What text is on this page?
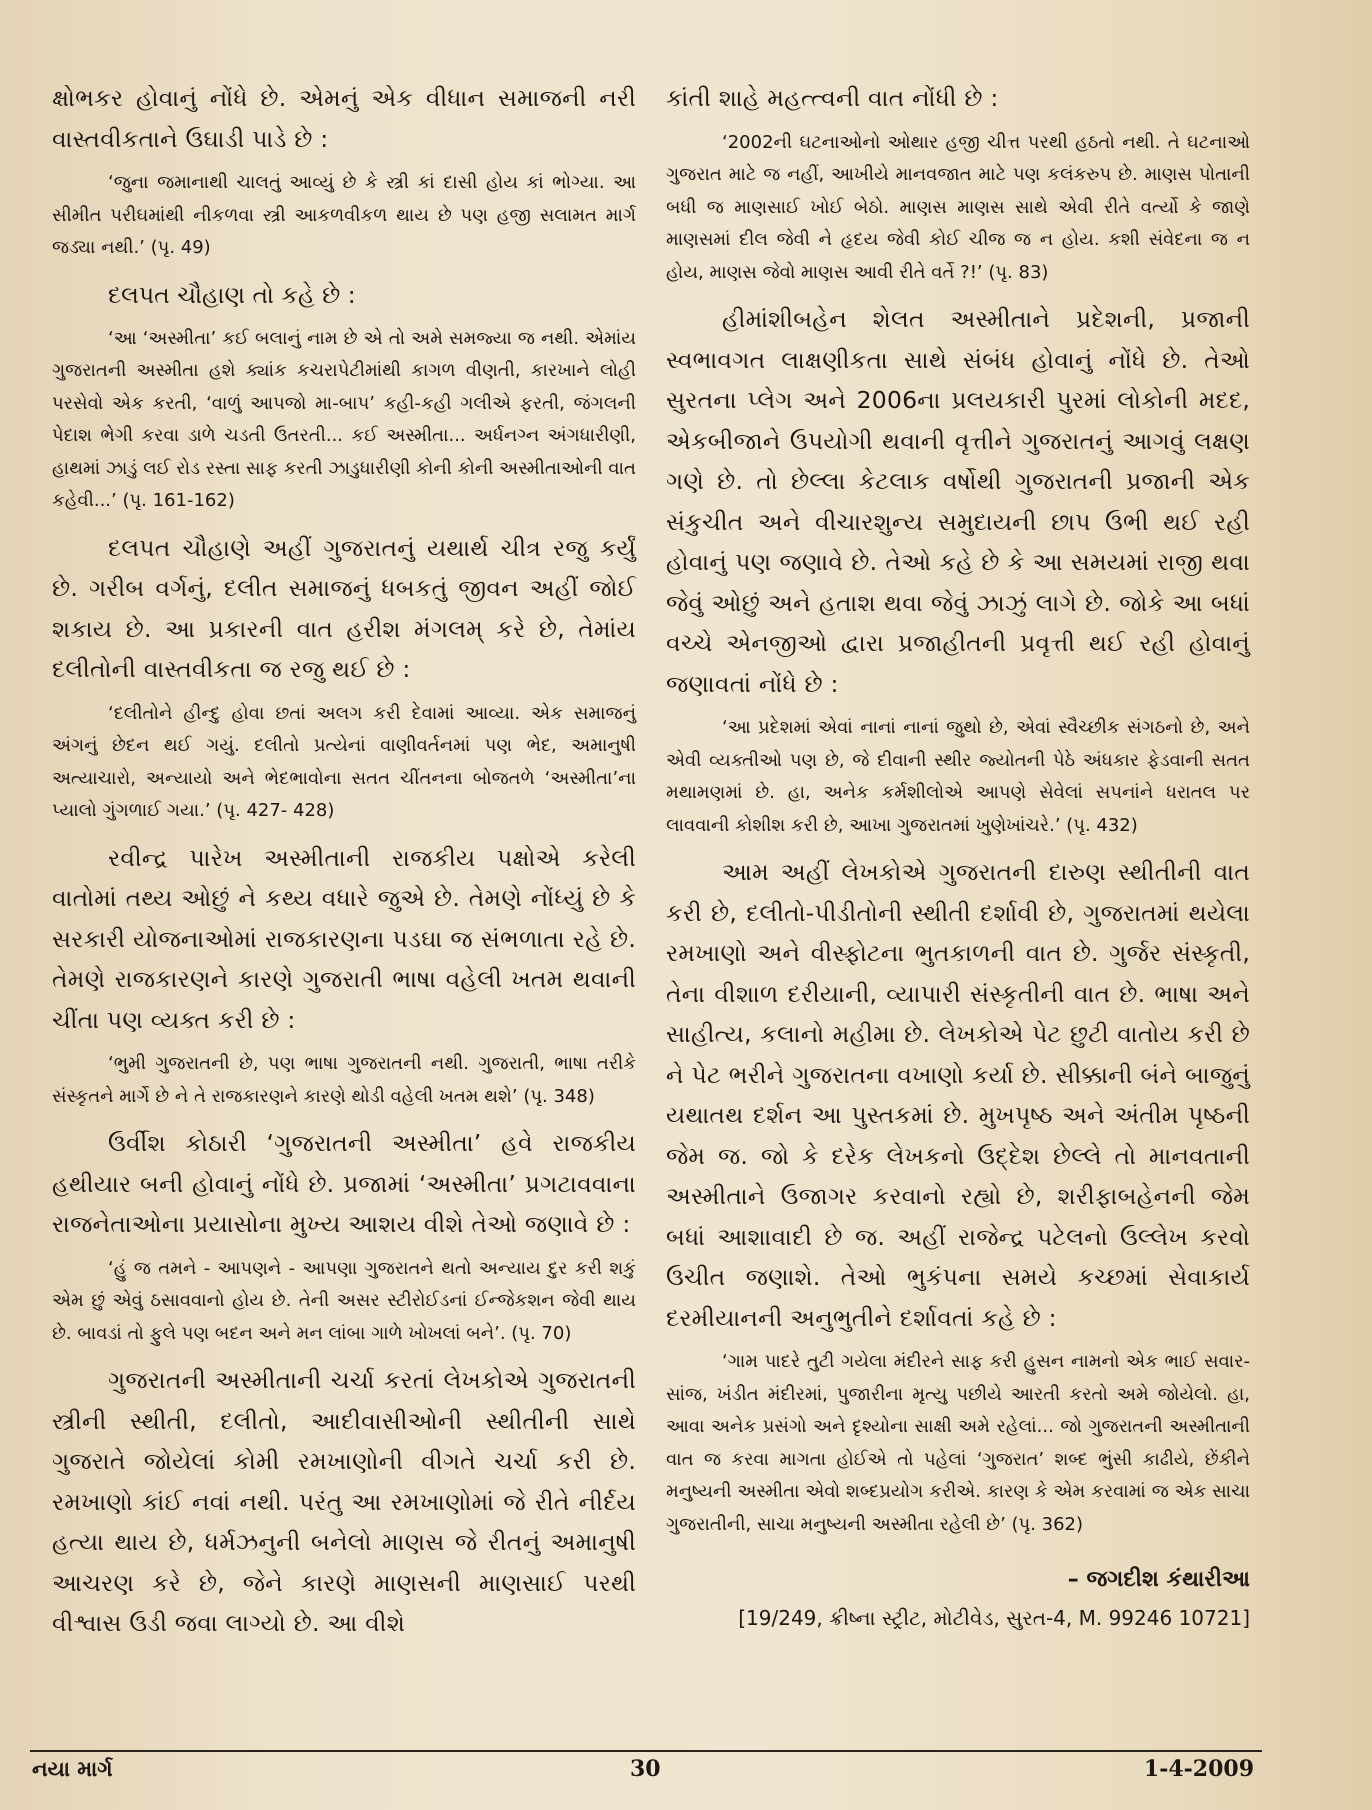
ક્ષોભકર હોવાનું નોંધે છે. એમનું એક વીધાન સમાજની નરી વાસ્તવીકતાને ઉઘાડી પાડે છે :

‘જુના જમાનાથી ચાલતું આવ્યું છે કે સ્ત્રી કાં દાસી હોય કાં ભોગ્યા. આ સીમીત પરીઘમાંથી નીકળવા સ્ત્રી આકળવીકળ થાય છે પણ હજી સલામત માર્ગ જડ્યા નથી.’ (પૃ. 49)

દલપત ચૌહાણ તો કહે છે :

‘આ ‘અસ્મીતા’ કઈ બલાનું નામ છે એ તો અમે સમજ્યા જ નથી. એમાંય ગુજરાતની અસ્મીતા હશે ક્યાંક કચરાપેટીમાંથી કાગળ વીણતી, કારખાને લોહી પરસેવો એક કરતી, ‘વાળું આપજો મા-બાપ’ કહી-કહી ગલીએ ફરતી, જંગલની પેદાશ ભેગી કરવા ડાળે ચડતી ઉતરતી... કઈ અસ્મીતા... અર્ધનગ્ન અંગધારીણી, હાથમાં ઝાડું લઈ રોડ રસ્તા સાફ કરતી ઝાડુધારીણી કોની કોની અસ્મીતાઓની વાત કહેવી...’ (પૃ. 161-162)

દલપત ચૌહાણે અહીં ગુજરાતનું યથાર્થ ચીત્ર રજુ કર્યું છે. ગરીબ વર્ગનું, દલીત સમાજનું ધબકતું જીવન અહીં જોઈ શકાય છે. આ પ્રકારની વાત હરીશ મંગલમ્ કરે છે, તેમાંય દલીતોની વાસ્તવીકતા જ રજુ થઈ છે :

‘દલીતોને હીન્દુ હોવા છતાં અલગ કરી દેવામાં આવ્યા. એક સમાજનું અંગનું છેદન થઈ ગયું. દલીતો પ્રત્યેનાં વાણીવર્તનમાં પણ ભેદ, અમાનુષી અત્યાચારો, અન્યાયો અને ભેદભાવોના સતત ચીંતનના બોજતળે ‘અસ્મીતા’ના પ્યાલો ગુંગળાઈ ગયા.’ (પૃ. 427- 428)

રવીન્દ્ર પારેખ અસ્મીતાની રાજકીય પક્ષોએ કરેલી વાતોમાં તથ્ય ઓછું ને કથ્ય વધારે જુએ છે. તેમણે નોંધ્યું છે કે સરકારી યોજનાઓમાં રાજકારણના પડઘા જ સંભળાતા રહે છે. તેમણે રાજકારણને કારણે ગુજરાતી ભાષા વહેલી ખતમ થવાની ચીંતા પણ વ્યક્ત કરી છે :

‘ભુમી ગુજરાતની છે, પણ ભાષા ગુજરાતની નથી. ગુજરાતી, ભાષા તરીકે સંસ્કૃતને માર્ગે છે ને તે રાજકારણને કારણે થોડી વહેલી ખતમ થશે’ (પૃ. 348)

ઉર્વીશ કોઠારી ‘ગુજરાતની અસ્મીતા’ હવે રાજકીય હથીયાર બની હોવાનું નોંધે છે. પ્રજામાં ‘અસ્મીતા’ પ્રગટાવવાના રાજનેતાઓના પ્રયાસોના મુખ્ય આશય વીશે તેઓ જણાવે છે :

‘હું જ તમને - આપણને - આપણા ગુજરાતને થતો અન્યાય દુર કરી શકું એમ છું એવું ઠસાવવાનો હોય છે. તેની અસર સ્ટીરોઈડનાં ઈન્જેકશન જેવી થાય છે. બાવડાં તો ફુલે પણ બદન અને મન લાંબા ગાળે ખોખલાં બને’. (પૃ. 70)

ગુજરાતની અસ્મીતાની ચર્ચા કરતાં લેખકોએ ગુજરાતની સ્ત્રીની સ્થીતી, દલીતો, આદીવાસીઓની સ્થીતીની સાથે ગુજરાતે જોયેલાં કોમી રમખાણોની વીગતે ચર્ચા કરી છે. રમખાણો કાંઈ નવાં નથી. પરંતુ આ રમખાણોમાં જે રીતે નીર્દય હત્યા થાય છે, ધર્મઝનુની બનેલો માણસ જે રીતનું અમાનુષી આચરણ કરે છે, જેને કારણે માણસની માણસાઈ પરથી વીશ્વાસ ઉડી જવા લાગ્યો છે. આ વીશે

કાંતી શાહે મહત્ત્વની વાત નોંધી છે :

‘2002ની ઘટનાઓનો ઓથાર હજી ચીત્ત પરથી હઠતો નથી. તે ઘટનાઓ ગુજરાત માટે જ નહીં, આખીયે માનવજાત માટે પણ કલંકરુપ છે. માણસ પોતાની બધી જ માણસાઈ ખોઈ બેઠો. માણસ માણસ સાથે એવી રીતે વર્ત્યો કે જાણે માણસમાં દીલ જેવી ને હૃદય જેવી કોઈ ચીજ જ ન હોય. કશી સંવેદના જ ન હોય, માણસ જેવો માણસ આવી રીતે વર્તે ?!’ (પૃ. 83)

હીમાંશીબહેન શેલત અસ્મીતાને પ્રદેશની, પ્રજાની સ્વભાવગત લાક્ષણીકતા સાથે સંબંધ હોવાનું નોંધે છે. તેઓ સુરતના પ્લેગ અને 2006ના પ્રલયકારી પુરમાં લોકોની મદદ, એકબીજાને ઉપયોગી થવાની વૃત્તીને ગુજરાતનું આગવું લક્ષણ ગણે છે. તો છેલ્લા કેટલાક વર્ષોથી ગુજરાતની પ્રજાની એક સંકુચીત અને વીચારશુન્ય સમુદાયની છાપ ઉભી થઈ રહી હોવાનું પણ જણાવે છે. તેઓ કહે છે કે આ સમયમાં રાજી થવા જેવું ઓછું અને હતાશ થવા જેવું ઝાઝું લાગે છે. જોકે આ બધાં વચ્ચે એનજીઓ દ્વારા પ્રજાહીતની પ્રવૃત્તી થઈ રહી હોવાનું જણાવતાં નોંધે છે :

‘આ પ્રદેશમાં એવાં નાનાં નાનાં જુથો છે, એવાં સ્વૈચ્છીક સંગઠનો છે, અને એવી વ્યક્તીઓ પણ છે, જે દીવાની સ્થીર જ્યોતની પેઠે અંધકાર ફેડવાની સતત મથામણમાં છે. હા, અનેક કર્મશીલોએ આપણે સેવેલાં સપનાંને ધરાતલ પર લાવવાની કોશીશ કરી છે, આખા ગુજરાતમાં ખુણેખાંચરે.’ (પૃ. 432)

આમ અહીં લેખકોએ ગુજરાતની દારુણ સ્થીતીની વાત કરી છે, દલીતો-પીડીતોની સ્થીતી દર્શાવી છે, ગુજરાતમાં થયેલા રમખાણો અને વીસ્ફોટના ભુતકાળની વાત છે. ગુર્જર સંસ્કૃતી, તેના વીશાળ દરીયાની, વ્યાપારી સંસ્કૃતીની વાત છે. ભાષા અને સાહીત્ય, કલાનો મહીમા છે. લેખકોએ પેટ છુટી વાતોય કરી છે ને પેટ ભરીને ગુજરાતના વખાણો કર્યા છે. સીક્કાની બંને બાજુનું યથાતથ દર્શન આ પુસ્તકમાં છે. મુખપૃષ્ઠ અને અંતીમ પૃષ્ઠની જેમ જ. જો કે દરેક લેખકનો ઉદ્દેશ છેલ્લે તો માનવતાની અસ્મીતાને ઉજાગર કરવાનો રહ્યો છે, શરીફાબહેનની જેમ બધાં આશાવાદી છે જ. અહીં રાજેન્દ્ર પટેલનો ઉલ્લેખ કરવો ઉચીત જણાશે. તેઓ ભુકંપના સમયે કચ્છમાં સેવાકાર્ય દરમીયાનની અનુભુતીને દર્શાવતાં કહે છે :

‘ગામ પાદરે તુટી ગયેલા મંદીરને સાફ કરી હુસન નામનો એક ભાઈ સવાર-સાંજ, ખંડીત મંદીરમાં, પુજારીના મૃત્યુ પછીયે આરતી કરતો અમે જોયેલો. હા, આવા અનેક પ્રસંગો અને દૃશ્યોના સાક્ષી અમે રહેલાં... જો ગુજરાતની અસ્મીતાની વાત જ કરવા માગતા હોઈએ તો પહેલાં ‘ગુજરાત’ શબ્દ ભુંસી કાઢીયે, છેંકીને મનુષ્યની અસ્મીતા એવો શબ્દપ્રયોગ કરીએ. કારણ કે એમ કરવામાં જ એક સાચા ગુજરાતીની, સાચા મનુષ્યની અસ્મીતા રહેલી છે’ (પૃ. 362)

– જગદીશ કંથારીઆ

[19/249, ક્રીષ્ના સ્ટ્રીટ, મોટીવેડ, સુરત-4, M. 99246 10721]

નયા માર્ગ	30	1-4-2009
